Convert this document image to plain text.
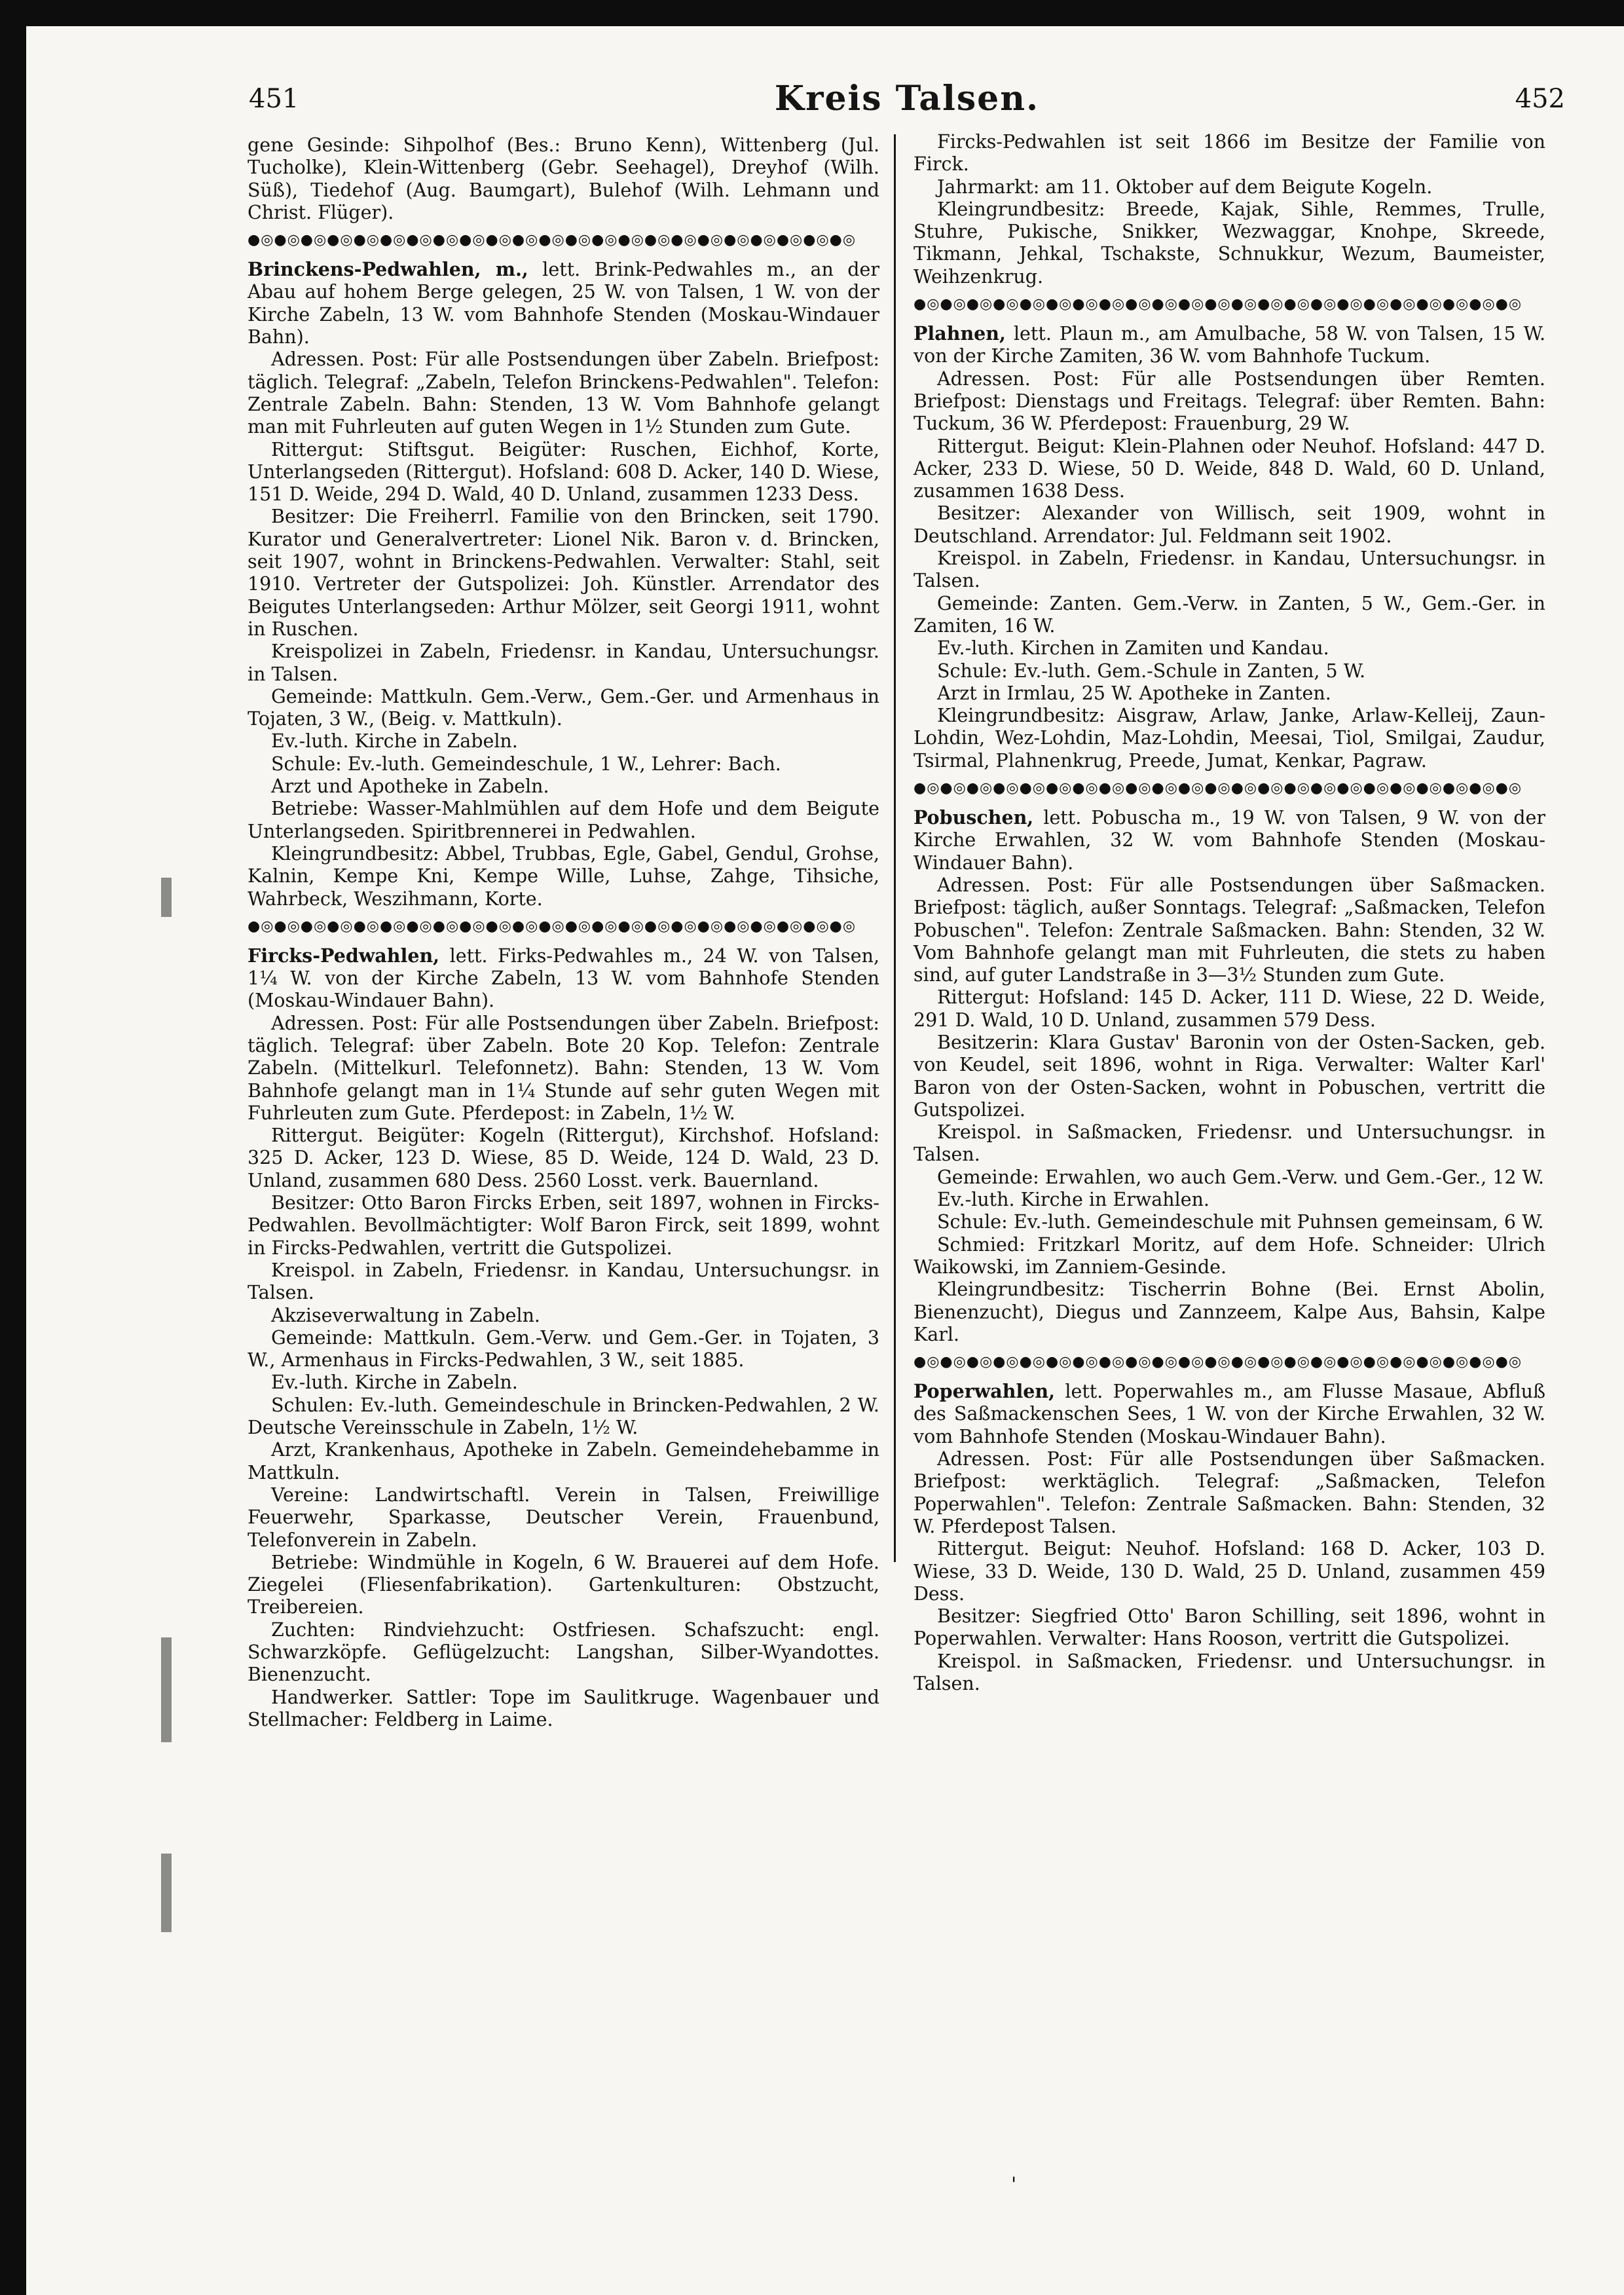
451	Kreis Talsen.	452

gene Gesinde: Sihpolhof (Bes.: Bruno Kenn), Wittenberg (Jul. Tucholke), Klein-Wittenberg (Gebr. Seehagel), Dreyhof (Wilh. Süß), Tiedehof (Aug. Baumgart), Bulehof (Wilh. Lehmann und Christ. Flüger).

●◎●◎●◎●◎●◎●◎●◎●◎●◎●◎●◎●◎●◎●◎●◎●◎●◎●◎●◎●◎●◎●◎●◎

Brinckens-Pedwahlen, m., lett. Brink-Pedwahles m., an der Abau auf hohem Berge gelegen, 25 W. von Talsen, 1 W. von der Kirche Zabeln, 13 W. vom Bahnhofe Stenden (Moskau-Windauer Bahn).

Adressen. Post: Für alle Postsendungen über Zabeln. Briefpost: täglich. Telegraf: „Zabeln, Telefon Brinckens-Pedwahlen". Telefon: Zentrale Zabeln. Bahn: Stenden, 13 W. Vom Bahnhofe gelangt man mit Fuhrleuten auf guten Wegen in 1½ Stunden zum Gute.

Rittergut: Stiftsgut. Beigüter: Ruschen, Eichhof, Korte, Unterlangseden (Rittergut). Hofsland: 608 D. Acker, 140 D. Wiese, 151 D. Weide, 294 D. Wald, 40 D. Unland, zusammen 1233 Dess.

Besitzer: Die Freiherrl. Familie von den Brincken, seit 1790. Kurator und Generalvertreter: Lionel Nik. Baron v. d. Brincken, seit 1907, wohnt in Brinckens-Pedwahlen. Verwalter: Stahl, seit 1910. Vertreter der Gutspolizei: Joh. Künstler. Arrendator des Beigutes Unterlangseden: Arthur Mölzer, seit Georgi 1911, wohnt in Ruschen.

Kreispolizei in Zabeln, Friedensr. in Kandau, Untersuchungsr. in Talsen.

Gemeinde: Mattkuln. Gem.-Verw., Gem.-Ger. und Armenhaus in Tojaten, 3 W., (Beig. v. Mattkuln).

Ev.-luth. Kirche in Zabeln.

Schule: Ev.-luth. Gemeindeschule, 1 W., Lehrer: Bach.

Arzt und Apotheke in Zabeln.

Betriebe: Wasser-Mahlmühlen auf dem Hofe und dem Beigute Unterlangseden. Spiritbrennerei in Pedwahlen.

Kleingrundbesitz: Abbel, Trubbas, Egle, Gabel, Gendul, Grohse, Kalnin, Kempe Kni, Kempe Wille, Luhse, Zahge, Tihsiche, Wahrbeck, Weszihmann, Korte.

●◎●◎●◎●◎●◎●◎●◎●◎●◎●◎●◎●◎●◎●◎●◎●◎●◎●◎●◎●◎●◎●◎●◎

Fircks-Pedwahlen, lett. Firks-Pedwahles m., 24 W. von Talsen, 1¼ W. von der Kirche Zabeln, 13 W. vom Bahnhofe Stenden (Moskau-Windauer Bahn).

Adressen. Post: Für alle Postsendungen über Zabeln. Briefpost: täglich. Telegraf: über Zabeln. Bote 20 Kop. Telefon: Zentrale Zabeln. (Mittelkurl. Telefonnetz). Bahn: Stenden, 13 W. Vom Bahnhofe gelangt man in 1¼ Stunde auf sehr guten Wegen mit Fuhrleuten zum Gute. Pferdepost: in Zabeln, 1½ W.

Rittergut. Beigüter: Kogeln (Rittergut), Kirchshof. Hofsland: 325 D. Acker, 123 D. Wiese, 85 D. Weide, 124 D. Wald, 23 D. Unland, zusammen 680 Dess. 2560 Losst. verk. Bauernland.

Besitzer: Otto Baron Fircks Erben, seit 1897, wohnen in Fircks-Pedwahlen. Bevollmächtigter: Wolf Baron Firck, seit 1899, wohnt in Fircks-Pedwahlen, vertritt die Gutspolizei.

Kreispol. in Zabeln, Friedensr. in Kandau, Untersuchungsr. in Talsen.

Akziseverwaltung in Zabeln.

Gemeinde: Mattkuln. Gem.-Verw. und Gem.-Ger. in Tojaten, 3 W., Armenhaus in Fircks-Pedwahlen, 3 W., seit 1885.

Ev.-luth. Kirche in Zabeln.

Schulen: Ev.-luth. Gemeindeschule in Brincken-Pedwahlen, 2 W. Deutsche Vereinsschule in Zabeln, 1½ W.

Arzt, Krankenhaus, Apotheke in Zabeln. Gemeindehebamme in Mattkuln.

Vereine: Landwirtschaftl. Verein in Talsen, Freiwillige Feuerwehr, Sparkasse, Deutscher Verein, Frauenbund, Telefonverein in Zabeln.

Betriebe: Windmühle in Kogeln, 6 W. Brauerei auf dem Hofe. Ziegelei (Fliesenfabrikation). Gartenkulturen: Obstzucht, Treibereien.

Zuchten: Rindviehzucht: Ostfriesen. Schafszucht: engl. Schwarzköpfe. Geflügelzucht: Langshan, Silber-Wyandottes. Bienenzucht.

Handwerker. Sattler: Tope im Saulitkruge. Wagenbauer und Stellmacher: Feldberg in Laime.

Fircks-Pedwahlen ist seit 1866 im Besitze der Familie von Firck.

Jahrmarkt: am 11. Oktober auf dem Beigute Kogeln.

Kleingrundbesitz: Breede, Kajak, Sihle, Remmes, Trulle, Stuhre, Pukische, Snikker, Wezwaggar, Knohpe, Skreede, Tikmann, Jehkal, Tschakste, Schnukkur, Wezum, Baumeister, Weihzenkrug.

●◎●◎●◎●◎●◎●◎●◎●◎●◎●◎●◎●◎●◎●◎●◎●◎●◎●◎●◎●◎●◎●◎●◎

Plahnen, lett. Plaun m., am Amulbache, 58 W. von Talsen, 15 W. von der Kirche Zamiten, 36 W. vom Bahnhofe Tuckum.

Adressen. Post: Für alle Postsendungen über Remten. Briefpost: Dienstags und Freitags. Telegraf: über Remten. Bahn: Tuckum, 36 W. Pferdepost: Frauenburg, 29 W.

Rittergut. Beigut: Klein-Plahnen oder Neuhof. Hofsland: 447 D. Acker, 233 D. Wiese, 50 D. Weide, 848 D. Wald, 60 D. Unland, zusammen 1638 Dess.

Besitzer: Alexander von Willisch, seit 1909, wohnt in Deutschland. Arrendator: Jul. Feldmann seit 1902.

Kreispol. in Zabeln, Friedensr. in Kandau, Untersuchungsr. in Talsen.

Gemeinde: Zanten. Gem.-Verw. in Zanten, 5 W., Gem.-Ger. in Zamiten, 16 W.

Ev.-luth. Kirchen in Zamiten und Kandau.

Schule: Ev.-luth. Gem.-Schule in Zanten, 5 W.

Arzt in Irmlau, 25 W. Apotheke in Zanten.

Kleingrundbesitz: Aisgraw, Arlaw, Janke, Arlaw-Kelleij, Zaun-Lohdin, Wez-Lohdin, Maz-Lohdin, Meesai, Tiol, Smilgai, Zaudur, Tsirmal, Plahnenkrug, Preede, Jumat, Kenkar, Pagraw.

●◎●◎●◎●◎●◎●◎●◎●◎●◎●◎●◎●◎●◎●◎●◎●◎●◎●◎●◎●◎●◎●◎●◎

Pobuschen, lett. Pobuscha m., 19 W. von Talsen, 9 W. von der Kirche Erwahlen, 32 W. vom Bahnhofe Stenden (Moskau-Windauer Bahn).

Adressen. Post: Für alle Postsendungen über Saßmacken. Briefpost: täglich, außer Sonntags. Telegraf: „Saßmacken, Telefon Pobuschen". Telefon: Zentrale Saßmacken. Bahn: Stenden, 32 W. Vom Bahnhofe gelangt man mit Fuhrleuten, die stets zu haben sind, auf guter Landstraße in 3—3½ Stunden zum Gute.

Rittergut: Hofsland: 145 D. Acker, 111 D. Wiese, 22 D. Weide, 291 D. Wald, 10 D. Unland, zusammen 579 Dess.

Besitzerin: Klara Gustav' Baronin von der Osten-Sacken, geb. von Keudel, seit 1896, wohnt in Riga. Verwalter: Walter Karl' Baron von der Osten-Sacken, wohnt in Pobuschen, vertritt die Gutspolizei.

Kreispol. in Saßmacken, Friedensr. und Untersuchungsr. in Talsen.

Gemeinde: Erwahlen, wo auch Gem.-Verw. und Gem.-Ger., 12 W.

Ev.-luth. Kirche in Erwahlen.

Schule: Ev.-luth. Gemeindeschule mit Puhnsen gemeinsam, 6 W.

Schmied: Fritzkarl Moritz, auf dem Hofe. Schneider: Ulrich Waikowski, im Zanniem-Gesinde.

Kleingrundbesitz: Tischerrin Bohne (Bei. Ernst Abolin, Bienenzucht), Diegus und Zannzeem, Kalpe Aus, Bahsin, Kalpe Karl.

●◎●◎●◎●◎●◎●◎●◎●◎●◎●◎●◎●◎●◎●◎●◎●◎●◎●◎●◎●◎●◎●◎●◎

Poperwahlen, lett. Poperwahles m., am Flusse Masaue, Abfluß des Saßmackenschen Sees, 1 W. von der Kirche Erwahlen, 32 W. vom Bahnhofe Stenden (Moskau-Windauer Bahn).

Adressen. Post: Für alle Postsendungen über Saßmacken. Briefpost: werktäglich. Telegraf: „Saßmacken, Telefon Poperwahlen". Telefon: Zentrale Saßmacken. Bahn: Stenden, 32 W. Pferdepost Talsen.

Rittergut. Beigut: Neuhof. Hofsland: 168 D. Acker, 103 D. Wiese, 33 D. Weide, 130 D. Wald, 25 D. Unland, zusammen 459 Dess.

Besitzer: Siegfried Otto' Baron Schilling, seit 1896, wohnt in Poperwahlen. Verwalter: Hans Rooson, vertritt die Gutspolizei.

Kreispol. in Saßmacken, Friedensr. und Untersuchungsr. in Talsen.

'
